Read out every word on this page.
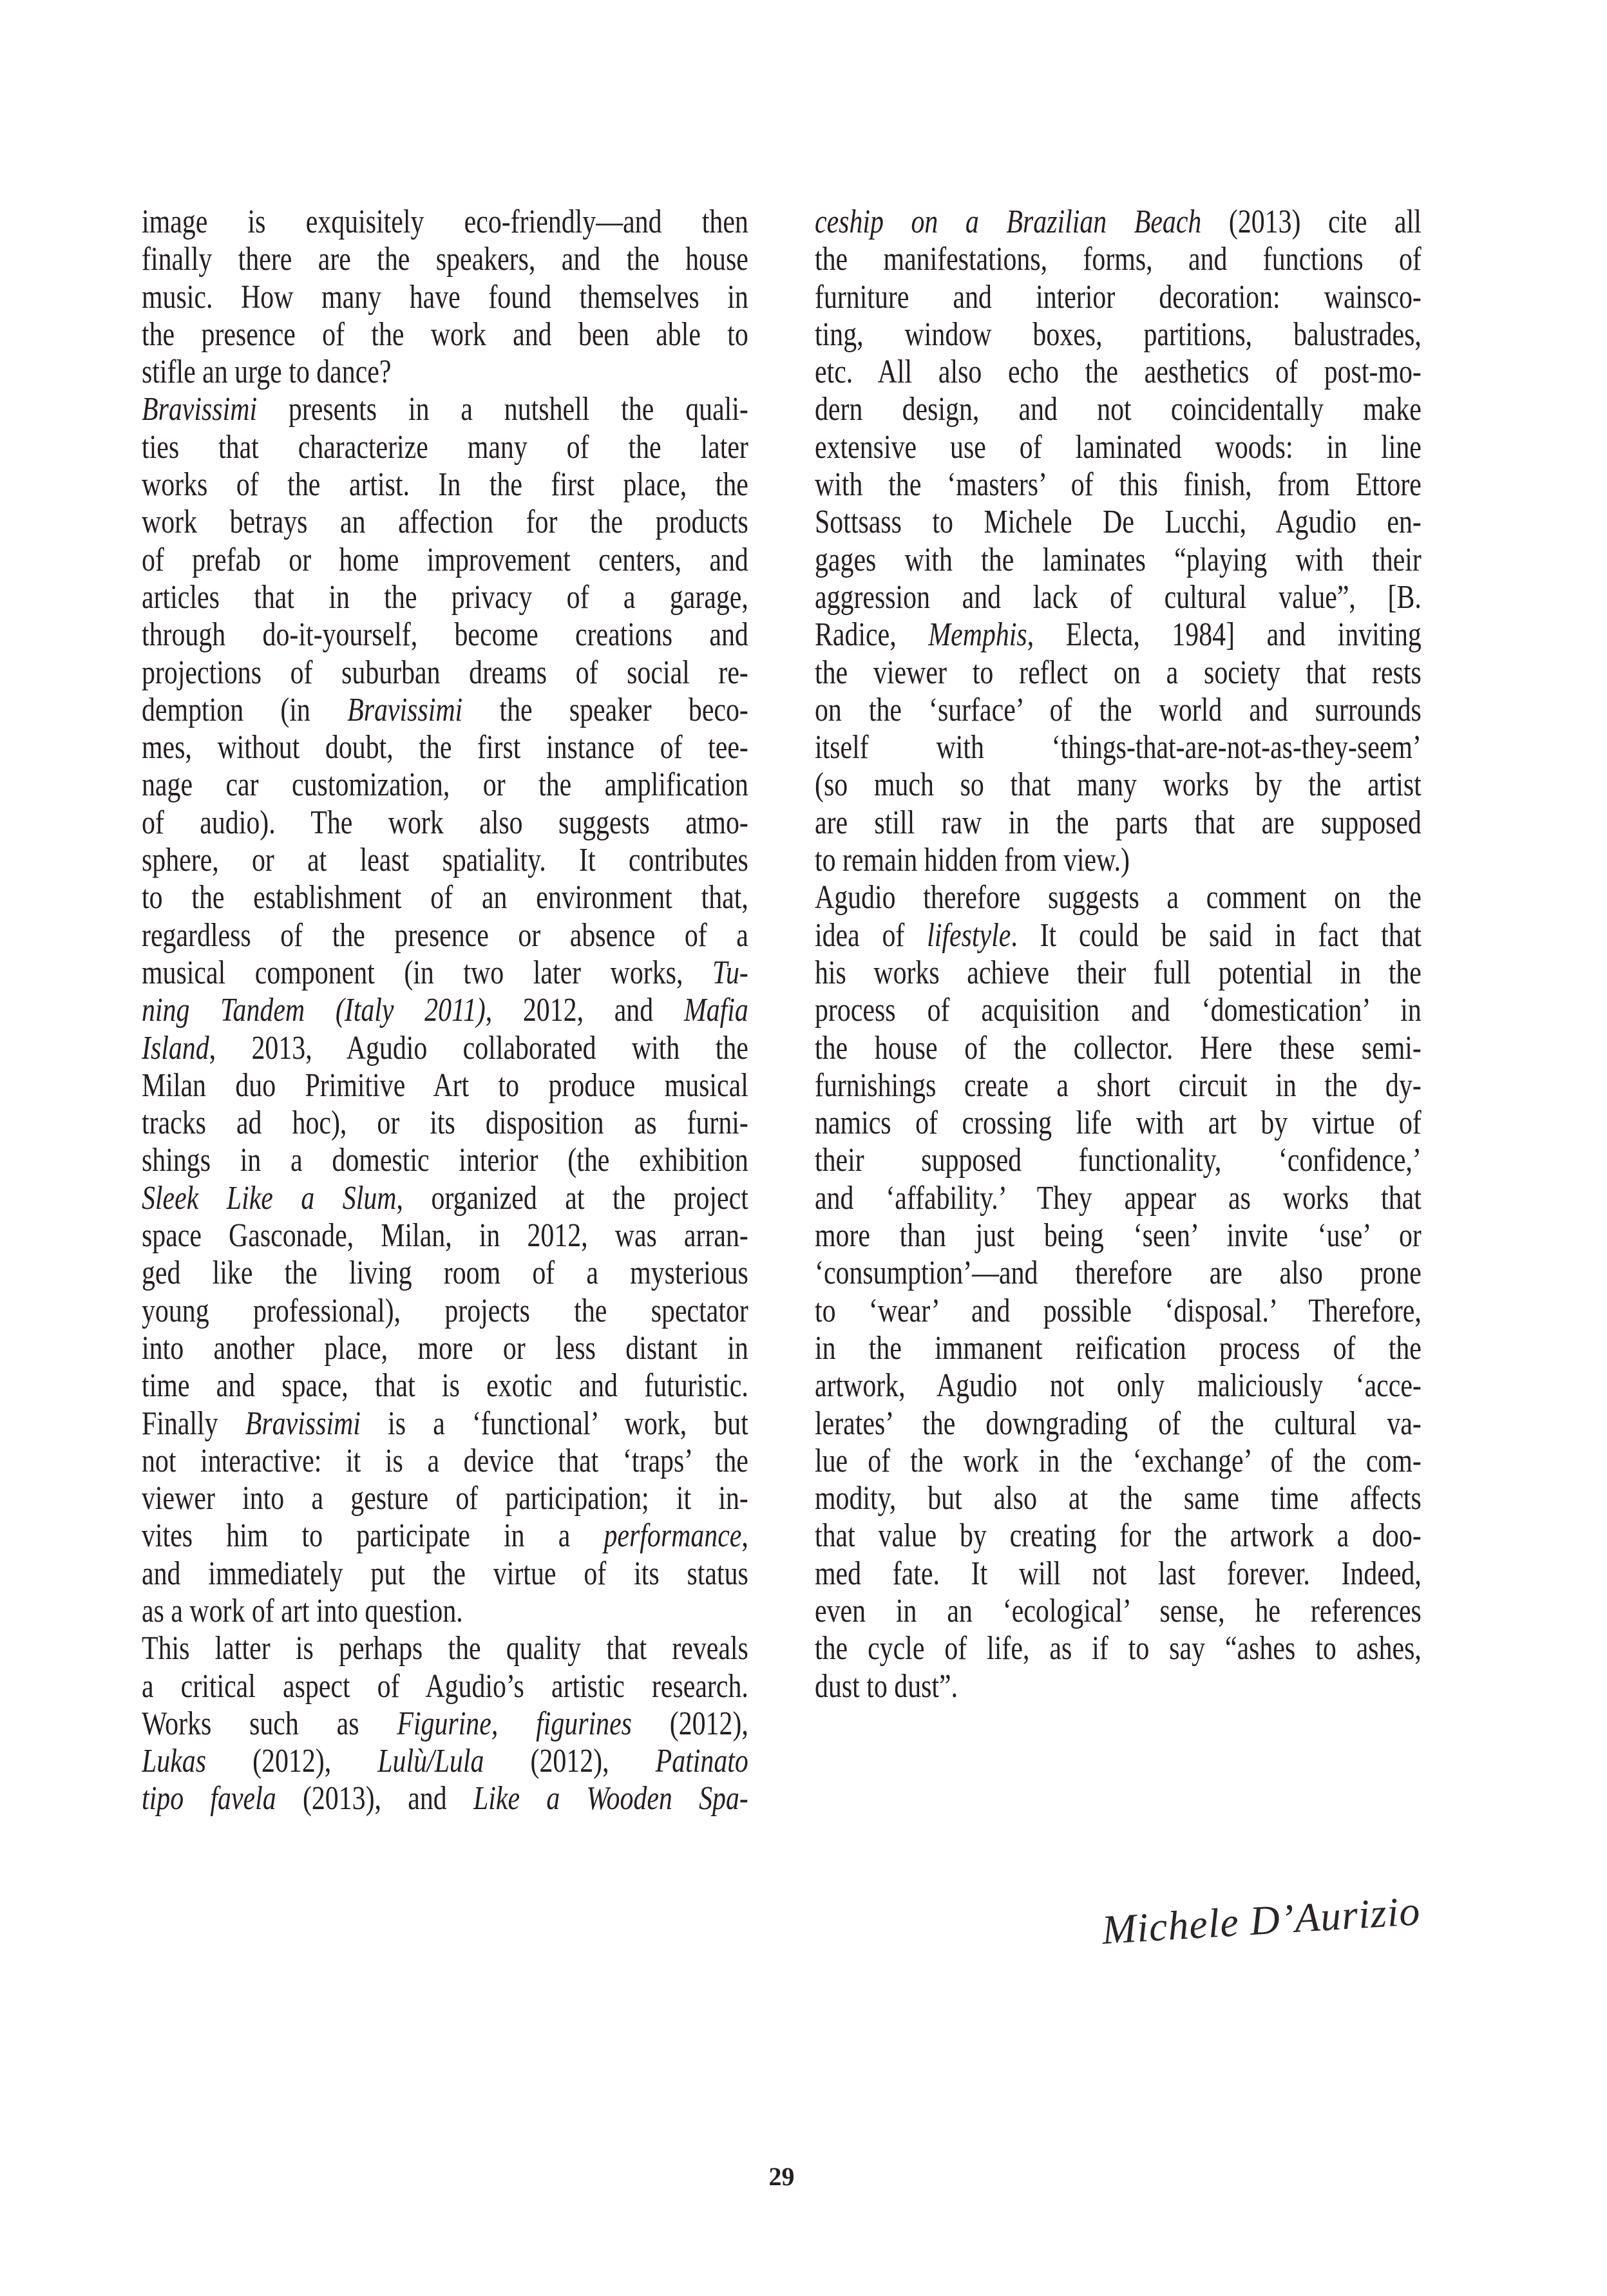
image is exquisitely eco-friendly—and then
finally there are the speakers, and the house
music. How many have found themselves in
the presence of the work and been able to
stifle an urge to dance?
Bravissimi presents in a nutshell the quali-
ties that characterize many of the later
works of the artist. In the first place, the
work betrays an affection for the products
of prefab or home improvement centers, and
articles that in the privacy of a garage,
through do-it-yourself, become creations and
projections of suburban dreams of social re-
demption (in Bravissimi the speaker beco-
mes, without doubt, the first instance of tee-
nage car customization, or the amplification
of audio). The work also suggests atmo-
sphere, or at least spatiality. It contributes
to the establishment of an environment that,
regardless of the presence or absence of a
musical component (in two later works, Tu-
ning Tandem (Italy 2011), 2012, and Mafia
Island, 2013, Agudio collaborated with the
Milan duo Primitive Art to produce musical
tracks ad hoc), or its disposition as furni-
shings in a domestic interior (the exhibition
Sleek Like a Slum, organized at the project
space Gasconade, Milan, in 2012, was arran-
ged like the living room of a mysterious
young professional), projects the spectator
into another place, more or less distant in
time and space, that is exotic and futuristic.
Finally Bravissimi is a ‘functional’ work, but
not interactive: it is a device that ‘traps’ the
viewer into a gesture of participation; it in-
vites him to participate in a performance,
and immediately put the virtue of its status
as a work of art into question.
This latter is perhaps the quality that reveals
a critical aspect of Agudio’s artistic research.
Works such as Figurine, figurines (2012),
Lukas (2012), Lulù/Lula (2012), Patinato
tipo favela (2013), and Like a Wooden Spa-
ceship on a Brazilian Beach (2013) cite all
the manifestations, forms, and functions of
furniture and interior decoration: wainsco-
ting, window boxes, partitions, balustrades,
etc. All also echo the aesthetics of post-mo-
dern design, and not coincidentally make
extensive use of laminated woods: in line
with the ‘masters’ of this finish, from Ettore
Sottsass to Michele De Lucchi, Agudio en-
gages with the laminates “playing with their
aggression and lack of cultural value”, [B.
Radice, Memphis, Electa, 1984] and inviting
the viewer to reflect on a society that rests
on the ‘surface’ of the world and surrounds
itself with ‘things-that-are-not-as-they-seem’
(so much so that many works by the artist
are still raw in the parts that are supposed
to remain hidden from view.)
Agudio therefore suggests a comment on the
idea of lifestyle. It could be said in fact that
his works achieve their full potential in the
process of acquisition and ‘domestication’ in
the house of the collector. Here these semi-
furnishings create a short circuit in the dy-
namics of crossing life with art by virtue of
their supposed functionality, ‘confidence,’
and ‘affability.’ They appear as works that
more than just being ‘seen’ invite ‘use’ or
‘consumption’—and therefore are also prone
to ‘wear’ and possible ‘disposal.’ Therefore,
in the immanent reification process of the
artwork, Agudio not only maliciously ‘acce-
lerates’ the downgrading of the cultural va-
lue of the work in the ‘exchange’ of the com-
modity, but also at the same time affects
that value by creating for the artwork a doo-
med fate. It will not last forever. Indeed,
even in an ‘ecological’ sense, he references
the cycle of life, as if to say “ashes to ashes,
dust to dust”.
Michele D’Aurizio
29
